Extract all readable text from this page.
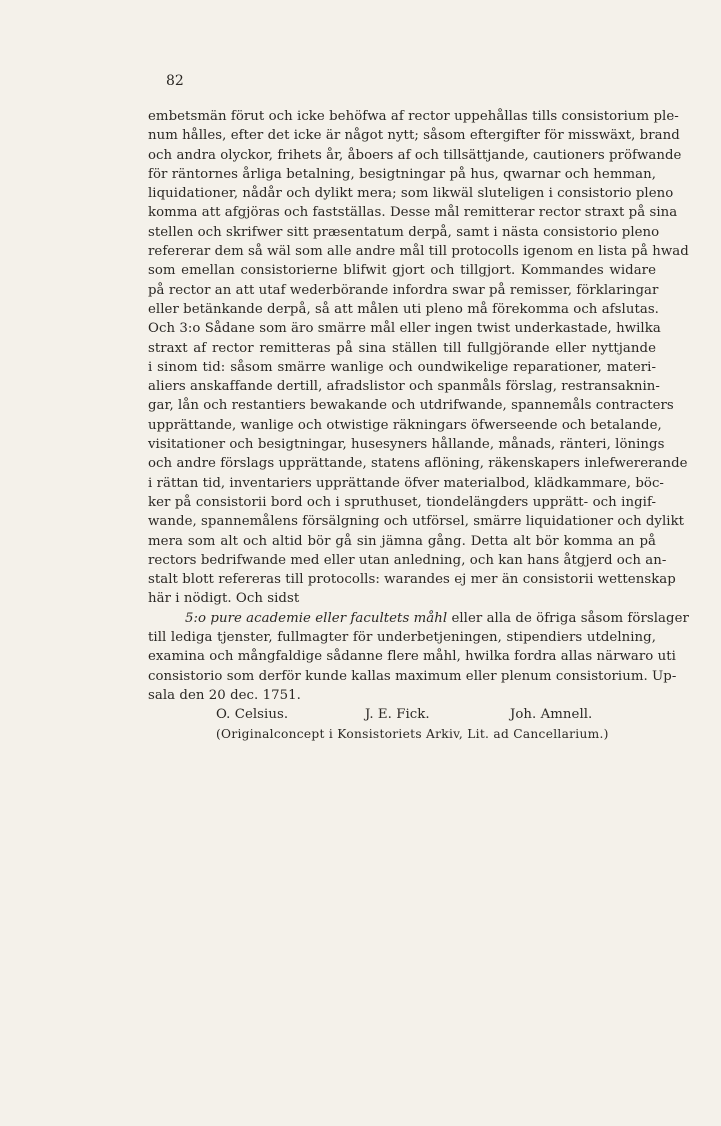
82
embetsmän förut och icke behöfwa af rector uppehållas tills consistorium ple-
num hålles, efter det icke är något nytt; såsom eftergifter för misswäxt, brand
och andra olyckor, frihets år, åboers af och tillsättjande, cautioners pröfwande
för räntornes årliga betalning, besigtningar på hus, qwarnar och hemman,
liquidationer, nådår och dylikt mera; som likwäl sluteligen i consistorio pleno
komma att afgjöras och fastställas. Desse mål remitterar rector straxt på sina
stellen och skrifwer sitt præsentatum derpå, samt i nästa consistorio pleno
refererar dem så wäl som alle andre mål till protocolls igenom en lista på hwad
som emellan consistorierne blifwit gjort och tillgjort. Kommandes widare
på rector an att utaf wederbörande infordra swar på remisser, förklaringar
eller betänkande derpå, så att målen uti pleno må förekomma och afslutas.
Och 3:o Sådane som äro smärre mål eller ingen twist underkastade, hwilka
straxt af rector remitteras på sina ställen till fullgjörande eller nyttjande
i sinom tid: såsom smärre wanlige och oundwikelige reparationer, materi-
aliers anskaffande dertill, afradslistor och spanmåls förslag, restransaknin-
gar, lån och restantiers bewakande och utdrifwande, spannemåls contracters
upprättande, wanlige och otwistige räkningars öfwerseende och betalande,
visitationer och besigtningar, husesyners hållande, månads, ränteri, lönings
och andre förslags upprättande, statens aflöning, räkenskapers inlefwererande
i rättan tid, inventariers upprättande öfver materialbod, klädkammare, böc-
ker på consistorii bord och i spruthuset, tiondelängders upprätt- och ingif-
wande, spannemålens försälgning och utförsel, smärre liquidationer och dylikt
mera som alt och altid bör gå sin jämna gång. Detta alt bör komma an på
rectors bedrifwande med eller utan anledning, och kan hans åtgjerd och an-
stalt blott refereras till protocolls: warandes ej mer än consistorii wettenskap
här i nödigt. Och sidst
5:o pure academie eller facultets måhl eller alla de öfriga såsom förslager
till lediga tjenster, fullmagter för underbetjeningen, stipendiers utdelning,
examina och mångfaldige sådanne flere måhl, hwilka fordra allas närwaro uti
consistorio som derför kunde kallas maximum eller plenum consistorium. Up-
sala den 20 dec. 1751.
O. Celsius.	J. E. Fick.	Joh. Amnell.
(Originalconcept i Konsistoriets Arkiv, Lit. ad Cancellarium.)
